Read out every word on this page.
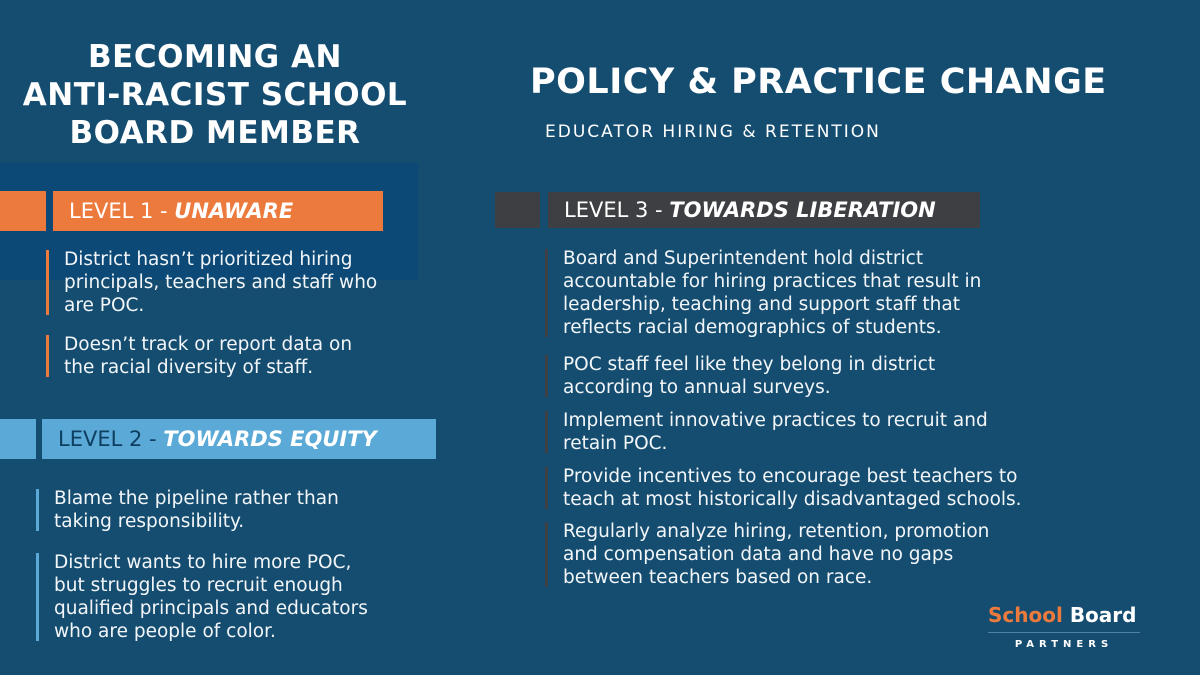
BECOMING AN
ANTI-RACIST SCHOOL
BOARD MEMBER
POLICY & PRACTICE CHANGE
EDUCATOR HIRING & RETENTION
LEVEL 1 - UNAWARE
District hasn’t prioritized hiring principals, teachers and staff who are POC.
Doesn’t track or report data on the racial diversity of staff.
LEVEL 2 - TOWARDS EQUITY
Blame the pipeline rather than taking responsibility.
District wants to hire more POC, but struggles to recruit enough qualified principals and educators who are people of color.
LEVEL 3 - TOWARDS LIBERATION
Board and Superintendent hold district accountable for hiring practices that result in leadership, teaching and support staff that reflects racial demographics of students.
POC staff feel like they belong in district according to annual surveys.
Implement innovative practices to recruit and retain POC.
Provide incentives to encourage best teachers to teach at most historically disadvantaged schools.
Regularly analyze hiring, retention, promotion and compensation data and have no gaps between teachers based on race.
School Board
PARTNERS
